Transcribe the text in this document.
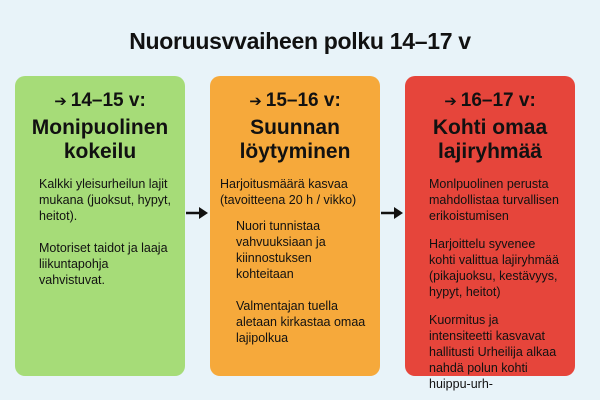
Nuoruusvvaiheen polku 14–17 v
➔ 14–15 v:
Monipuolinen
kokeilu
Kalkki yleisurheilun lajit mukana (juoksut, hypyt, heitot).
Motoriset taidot ja laaja liikuntapohja vahvistuvat.
➔ 15–16 v:
Suunnan
löytyminen
Harjoitusmäärä kasvaa (tavoitteena 20 h / vikko)
Nuori tunnistaa vahvuuksiaan ja kiinnostuksen kohteitaan
Valmentajan tuella aletaan kirkastaa omaa lajipolkua
➔ 16–17 v:
Kohti omaa
lajiryhmää
Monlpuolinen perusta mahdollistaa turvallisen erikoistumisen
Harjoittelu syvenee kohti valittua lajiryhmää (pikajuoksu, kestävyys, hypyt, heitot)
Kuormitus ja intensiteetti kasvavat hallitusti Urheilija alkaa nahdä polun kohti huippu-urh-
